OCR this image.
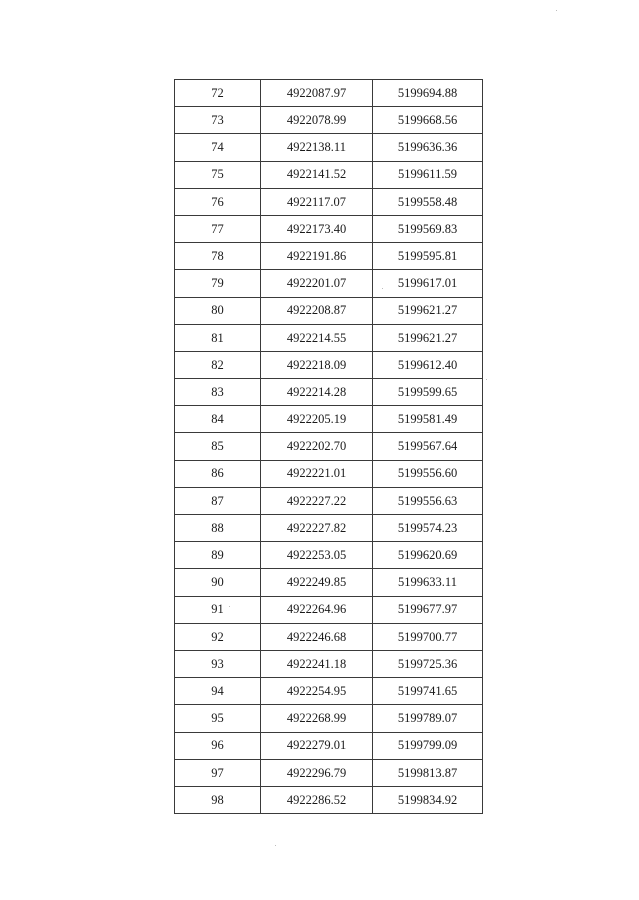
72	4922087.97	5199694.88
73	4922078.99	5199668.56
74	4922138.11	5199636.36
75	4922141.52	5199611.59
76	4922117.07	5199558.48
77	4922173.40	5199569.83
78	4922191.86	5199595.81
79	4922201.07	5199617.01
80	4922208.87	5199621.27
81	4922214.55	5199621.27
82	4922218.09	5199612.40
83	4922214.28	5199599.65
84	4922205.19	5199581.49
85	4922202.70	5199567.64
86	4922221.01	5199556.60
87	4922227.22	5199556.63
88	4922227.82	5199574.23
89	4922253.05	5199620.69
90	4922249.85	5199633.11
91	4922264.96	5199677.97
92	4922246.68	5199700.77
93	4922241.18	5199725.36
94	4922254.95	5199741.65
95	4922268.99	5199789.07
96	4922279.01	5199799.09
97	4922296.79	5199813.87
98	4922286.52	5199834.92
